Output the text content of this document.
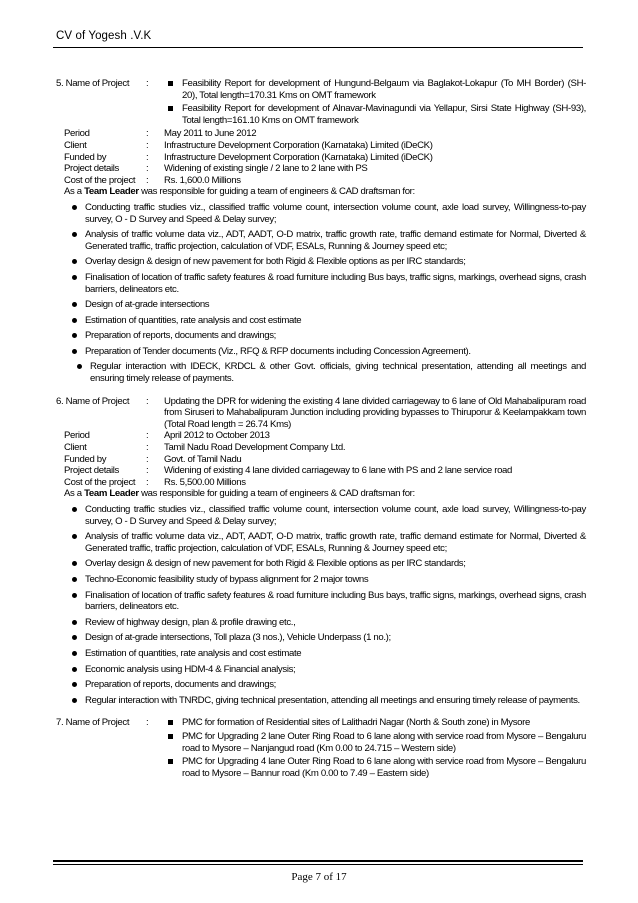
CV of Yogesh .V.K
5. Name of Project	:	Feasibility Report for development of Hungund-Belgaum via Baglakot-Lokapur (To MH Border) (SH-20), Total length=170.31 Kms on OMT framework
Feasibility Report for development of Alnavar-Mavinagundi via Yellapur, Sirsi State Highway (SH-93), Total length=161.10 Kms on OMT framework
Period	:	May 2011 to June 2012
Client	:	Infrastructure Development Corporation (Karnataka) Limited (iDeCK)
Funded by	:	Infrastructure Development Corporation (Karnataka) Limited (iDeCK)
Project details	:	Widening of existing single / 2 lane to 2 lane with PS
Cost of the project	:	Rs. 1,600.0 Millions
As a Team Leader was responsible for guiding a team of engineers & CAD draftsman for:
Conducting traffic studies viz., classified traffic volume count, intersection volume count, axle load survey, Willingness-to-pay survey, O - D Survey and Speed & Delay survey;
Analysis of traffic volume data viz., ADT, AADT, O-D matrix, traffic growth rate, traffic demand estimate for Normal, Diverted & Generated traffic, traffic projection, calculation of VDF, ESALs, Running & Journey speed etc;
Overlay design & design of new pavement for both Rigid & Flexible options as per IRC standards;
Finalisation of location of traffic safety features & road furniture including Bus bays, traffic signs, markings, overhead signs, crash barriers, delineators etc.
Design of at-grade intersections
Estimation of quantities, rate analysis and cost estimate
Preparation of reports, documents and drawings;
Preparation of Tender documents (Viz., RFQ & RFP documents including Concession Agreement).
Regular interaction with IDECK, KRDCL & other Govt. officials, giving technical presentation, attending all meetings and ensuring timely release of payments.
6. Name of Project	:	Updating the DPR for widening the existing 4 lane divided carriageway to 6 lane of Old Mahabalipuram road from Siruseri to Mahabalipuram Junction including providing bypasses to Thiruporur & Keelampakkam town (Total Road length = 26.74 Kms)
Period	:	April 2012 to October 2013
Client	:	Tamil Nadu Road Development Company Ltd.
Funded by	:	Govt. of Tamil Nadu
Project details	:	Widening of existing 4 lane divided carriageway to 6 lane with PS and 2 lane service road
Cost of the project	:	Rs. 5,500.00 Millions
As a Team Leader was responsible for guiding a team of engineers & CAD draftsman for:
Conducting traffic studies viz., classified traffic volume count, intersection volume count, axle load survey, Willingness-to-pay survey, O - D Survey and Speed & Delay survey;
Analysis of traffic volume data viz., ADT, AADT, O-D matrix, traffic growth rate, traffic demand estimate for Normal, Diverted & Generated traffic, traffic projection, calculation of VDF, ESALs, Running & Journey speed etc;
Overlay design & design of new pavement for both Rigid & Flexible options as per IRC standards;
Techno-Economic feasibility study of bypass alignment for 2 major towns
Finalisation of location of traffic safety features & road furniture including Bus bays, traffic signs, markings, overhead signs, crash barriers, delineators etc.
Review of highway design, plan & profile drawing etc.,
Design of at-grade intersections, Toll plaza (3 nos.), Vehicle Underpass (1 no.);
Estimation of quantities, rate analysis and cost estimate
Economic analysis using HDM-4 & Financial analysis;
Preparation of reports, documents and drawings;
Regular interaction with TNRDC, giving technical presentation, attending all meetings and ensuring timely release of payments.
7. Name of Project	:	PMC for formation of Residential sites of Lalithadri Nagar (North & South zone) in Mysore
PMC for Upgrading 2 lane Outer Ring Road to 6 lane along with service road from Mysore – Bengaluru road to Mysore – Nanjangud road (Km 0.00 to 24.715 – Western side)
PMC for Upgrading 4 lane Outer Ring Road to 6 lane along with service road from Mysore – Bengaluru road to Mysore – Bannur road (Km 0.00 to 7.49 – Eastern side)
Page 7 of 17
